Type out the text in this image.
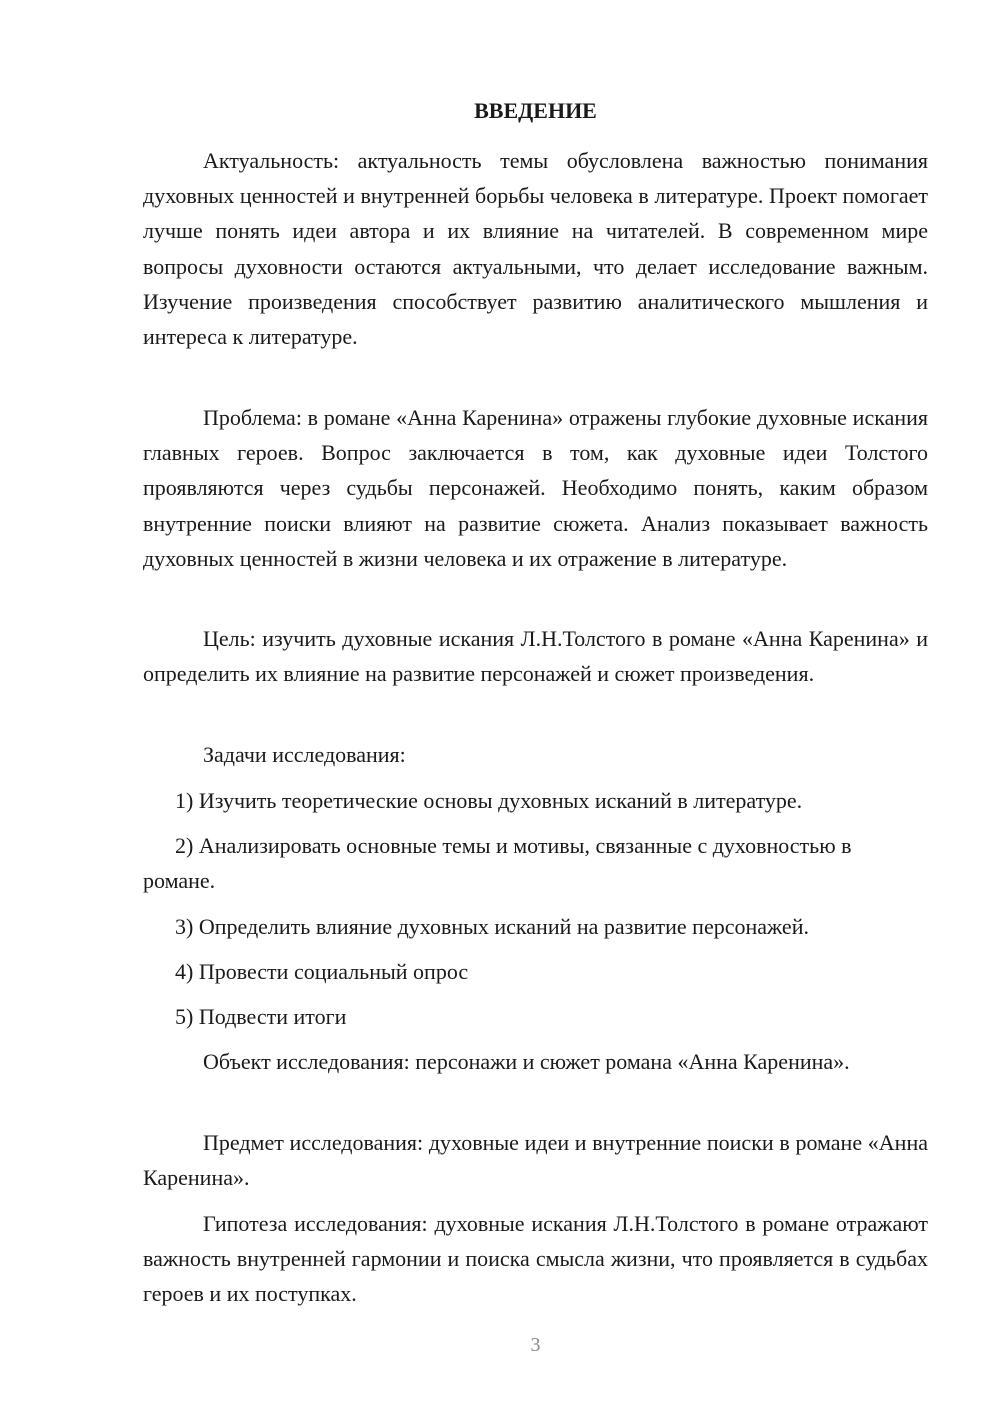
ВВЕДЕНИЕ

Актуальность: актуальность темы обусловлена важностью понимания духовных ценностей и внутренней борьбы человека в литературе. Проект помогает лучше понять идеи автора и их влияние на читателей. В современном мире вопросы духовности остаются актуальными, что делает исследование важным. Изучение произведения способствует развитию аналитического мышления и интереса к литературе.

Проблема: в романе «Анна Каренина» отражены глубокие духовные искания главных героев. Вопрос заключается в том, как духовные идеи Толстого проявляются через судьбы персонажей. Необходимо понять, каким образом внутренние поиски влияют на развитие сюжета. Анализ показывает важность духовных ценностей в жизни человека и их отражение в литературе.

Цель: изучить духовные искания Л.Н.Толстого в романе «Анна Каренина» и определить их влияние на развитие персонажей и сюжет произведения.

Задачи исследования:

1) Изучить теоретические основы духовных исканий в литературе.

2) Анализировать основные темы и мотивы, связанные с духовностью в романе.

3) Определить влияние духовных исканий на развитие персонажей.

4) Провести социальный опрос

5) Подвести итоги

Объект исследования: персонажи и сюжет романа «Анна Каренина».

Предмет исследования: духовные идеи и внутренние поиски в романе «Анна Каренина».

Гипотеза исследования: духовные искания Л.Н.Толстого в романе отражают важность внутренней гармонии и поиска смысла жизни, что проявляется в судьбах героев и их поступках.

3
